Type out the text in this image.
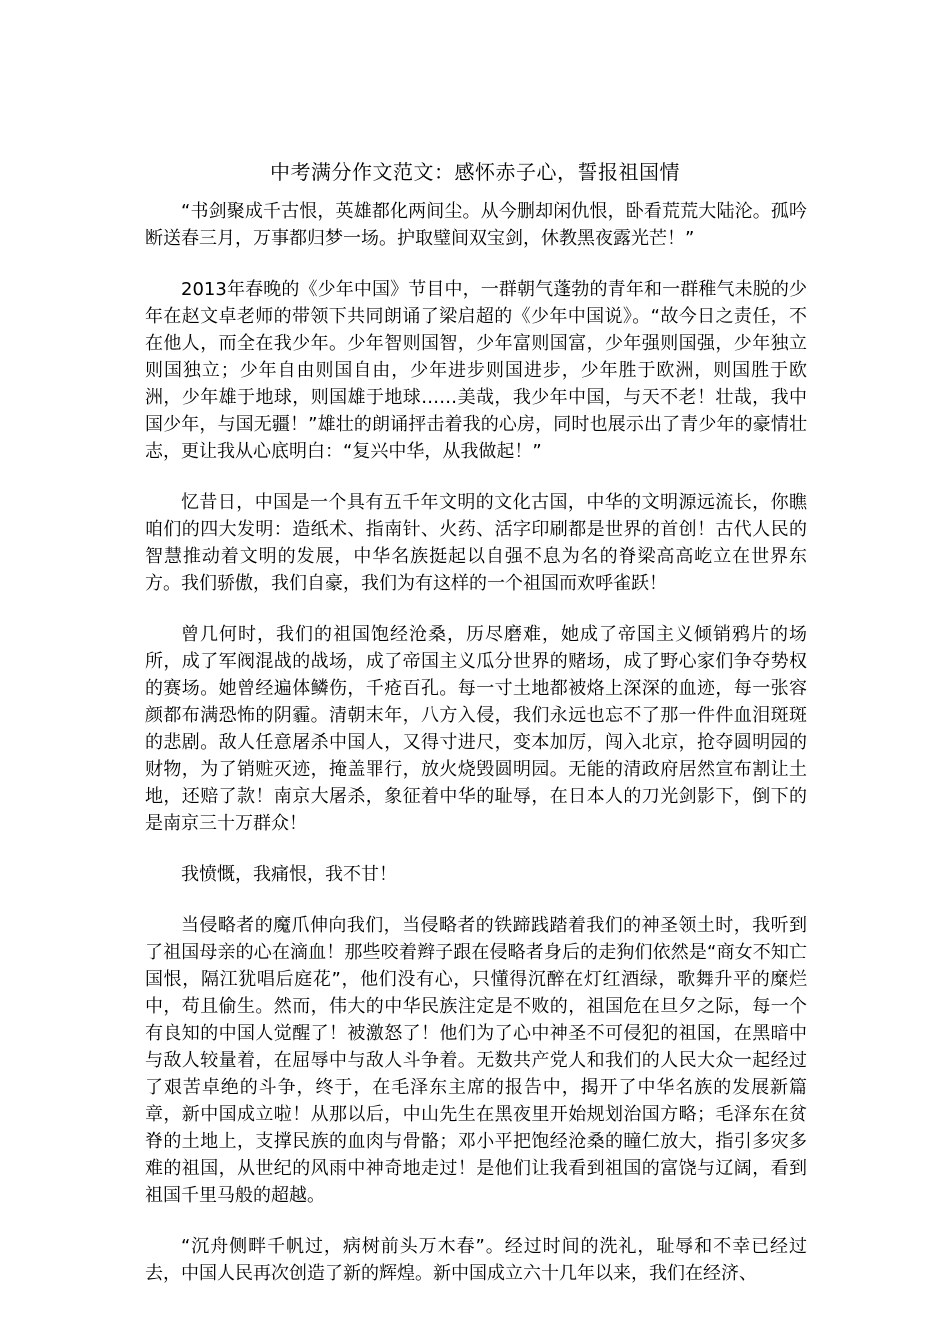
中考满分作文范文：感怀赤子心，誓报祖国情

“书剑聚成千古恨，英雄都化两间尘。从今删却闲仇恨，卧看荒荒大陆沦。孤吟断送春三月，万事都归梦一场。护取璧间双宝剑，休教黑夜露光芒！”

2013年春晚的《少年中国》节目中，一群朝气蓬勃的青年和一群稚气未脱的少年在赵文卓老师的带领下共同朗诵了梁启超的《少年中国说》。“故今日之责任，不在他人，而全在我少年。少年智则国智，少年富则国富，少年强则国强，少年独立则国独立；少年自由则国自由，少年进步则国进步，少年胜于欧洲，则国胜于欧洲，少年雄于地球，则国雄于地球……美哉，我少年中国，与天不老！壮哉，我中国少年，与国无疆！”雄壮的朗诵抨击着我的心房，同时也展示出了青少年的豪情壮志，更让我从心底明白：“复兴中华，从我做起！”

忆昔日，中国是一个具有五千年文明的文化古国，中华的文明源远流长，你瞧咱们的四大发明：造纸术、指南针、火药、活字印刷都是世界的首创！古代人民的智慧推动着文明的发展，中华名族挺起以自强不息为名的脊梁高高屹立在世界东方。我们骄傲，我们自豪，我们为有这样的一个祖国而欢呼雀跃！

曾几何时，我们的祖国饱经沧桑，历尽磨难，她成了帝国主义倾销鸦片的场所，成了军阀混战的战场，成了帝国主义瓜分世界的赌场，成了野心家们争夺势权的赛场。她曾经遍体鳞伤，千疮百孔。每一寸土地都被烙上深深的血迹，每一张容颜都布满恐怖的阴霾。清朝末年，八方入侵，我们永远也忘不了那一件件血泪斑斑的悲剧。敌人任意屠杀中国人，又得寸进尺，变本加厉，闯入北京，抢夺圆明园的财物，为了销赃灭迹，掩盖罪行，放火烧毁圆明园。无能的清政府居然宣布割让土地，还赔了款！南京大屠杀，象征着中华的耻辱，在日本人的刀光剑影下，倒下的是南京三十万群众！

我愤慨，我痛恨，我不甘！

当侵略者的魔爪伸向我们，当侵略者的铁蹄践踏着我们的神圣领土时，我听到了祖国母亲的心在滴血！那些咬着辫子跟在侵略者身后的走狗们依然是“商女不知亡国恨，隔江犹唱后庭花”，他们没有心，只懂得沉醉在灯红酒绿，歌舞升平的糜烂中，苟且偷生。然而，伟大的中华民族注定是不败的，祖国危在旦夕之际，每一个有良知的中国人觉醒了！被激怒了！他们为了心中神圣不可侵犯的祖国，在黑暗中与敌人较量着，在屈辱中与敌人斗争着。无数共产党人和我们的人民大众一起经过了艰苦卓绝的斗争，终于，在毛泽东主席的报告中，揭开了中华名族的发展新篇章，新中国成立啦！从那以后，中山先生在黑夜里开始规划治国方略；毛泽东在贫脊的土地上，支撑民族的血肉与骨骼；邓小平把饱经沧桑的瞳仁放大，指引多灾多难的祖国，从世纪的风雨中神奇地走过！是他们让我看到祖国的富饶与辽阔，看到祖国千里马般的超越。

“沉舟侧畔千帆过，病树前头万木春”。经过时间的洗礼，耻辱和不幸已经过去，中国人民再次创造了新的辉煌。新中国成立六十几年以来，我们在经济、
